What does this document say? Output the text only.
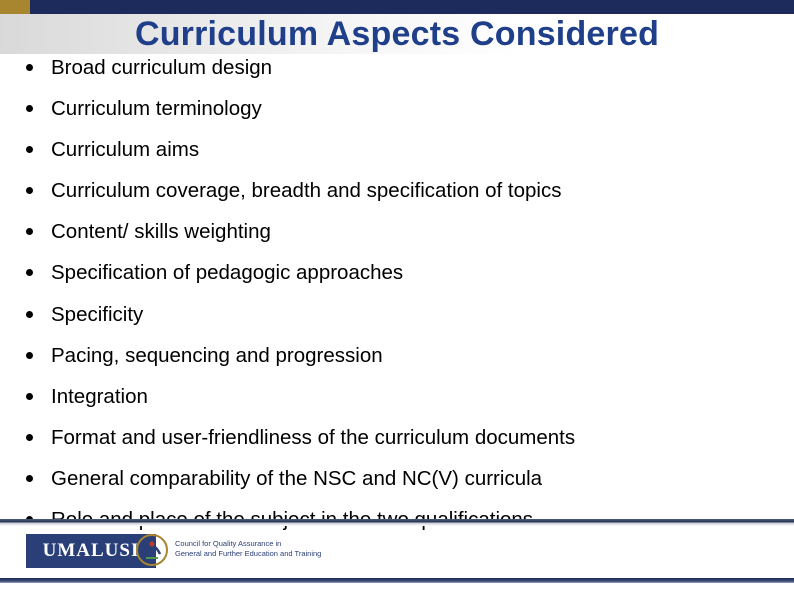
Curriculum Aspects Considered
Broad curriculum design
Curriculum terminology
Curriculum aims
Curriculum coverage, breadth and specification of topics
Content/ skills weighting
Specification of pedagogic approaches
Specificity
Pacing, sequencing and progression
Integration
Format and user-friendliness of the curriculum documents
General comparability of the NSC and NC(V) curricula
UMALUSI	Council for Quality Assurance in
General and Further Education and Training
